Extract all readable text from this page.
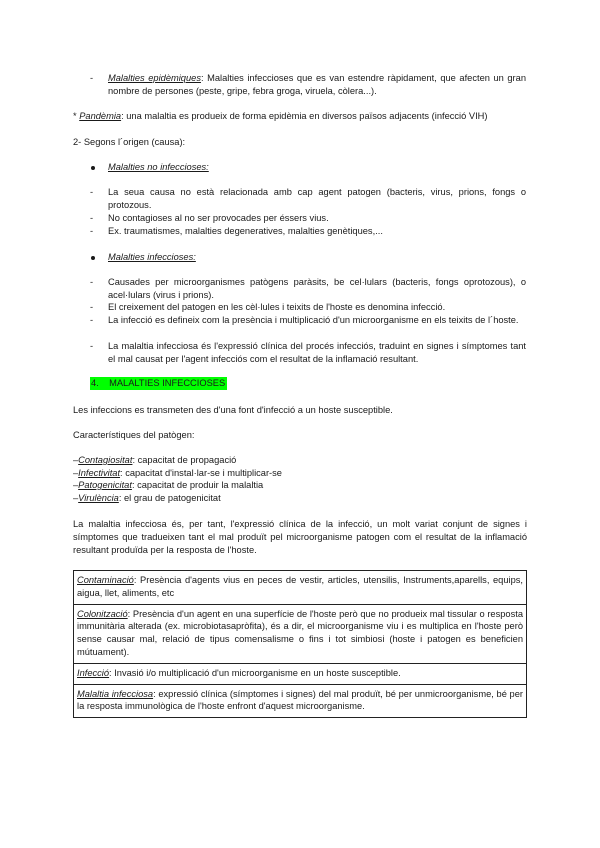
- Malalties epidèmiques: Malalties infeccioses que es van estendre ràpidament, que afecten un gran nombre de persones (peste, gripe, febra groga, viruela, còlera...).
* Pandèmia: una malaltia es produeix de forma epidèmia en diversos països adjacents (infecció VIH)
2- Segons l´origen (causa):
Malalties no infeccioses:
- La seua causa no està relacionada amb cap agent patogen (bacteris, virus, prions, fongs o protozous.
- No contagioses al no ser provocades per éssers vius.
- Ex. traumatismes, malalties degeneratives, malalties genètiques,...
Malalties infeccioses:
- Causades per microorganismes patògens paràsits, be cel·lulars (bacteris, fongs oprotozous), o acel·lulars (virus i prions).
- El creixement del patogen en les cèl·lules i teixits de l'hoste es denomina infecció.
- La infecció es defineix com la presència i multiplicació d'un microorganisme en els teixits de l´hoste.
- La malaltia infecciosa és l'expressió clínica del procés infecciós, traduint en signes i símptomes tant el mal causat per l'agent infecciós com el resultat de la inflamació resultant.
4. MALALTIES INFECCIOSES
Les infeccions es transmeten des d'una font d'infecció a un hoste susceptible.
Característiques del patògen:
–Contagiositat: capacitat de propagació
–Infectivitat: capacitat d'instal·lar-se i multiplicar-se
–Patogenicitat: capacitat de produir la malaltia
–Virulència: el grau de patogenicitat
La malaltia infecciosa és, per tant, l'expressió clínica de la infecció, un molt variat conjunt de signes i símptomes que tradueixen tant el mal produït pel microorganisme patogen com el resultat de la inflamació resultant produïda per la resposta de l'hoste.
Contaminació: Presència d'agents vius en peces de vestir, articles, utensilis, Instruments,aparells, equips, aigua, llet, aliments, etc
Colonització: Presència d'un agent en una superfície de l'hoste però que no produeix mal tissular o resposta immunitària alterada (ex. microbiotasapròfita), és a dir, el microorganisme viu i es multiplica en l'hoste però sense causar mal, relació de tipus comensalisme o fins i tot simbiosi (hoste i patogen es beneficien mútuament).
Infecció: Invasió i/o multiplicació d'un microorganisme en un hoste susceptible.
Malaltia infecciosa: expressió clínica (símptomes i signes) del mal produït, bé per unmicroorganisme, bé per la resposta immunològica de l'hoste enfront d'aquest microorganisme.
